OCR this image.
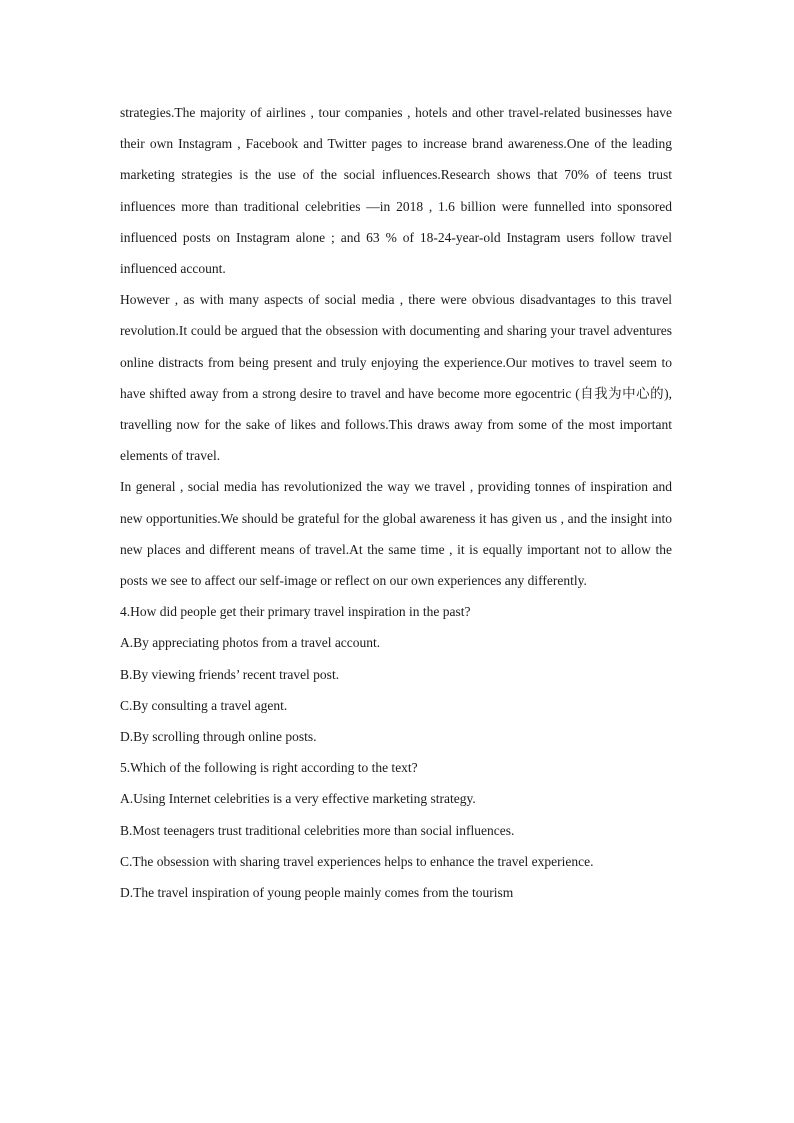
strategies.The majority of airlines , tour companies , hotels and other travel-related businesses have their own Instagram , Facebook and Twitter pages to increase brand awareness.One of the leading marketing strategies is the use of the social influences.Research shows that 70% of teens trust influences more than traditional celebrities —in 2018 , 1.6 billion were funnelled into sponsored influenced posts on Instagram alone ; and 63 % of 18-24-year-old Instagram users follow travel influenced account.

However , as with many aspects of social media , there were obvious disadvantages to this travel revolution.It could be argued that the obsession with documenting and sharing your travel adventures online distracts from being present and truly enjoying the experience.Our motives to travel seem to have shifted away from a strong desire to travel and have become more egocentric (自我为中心的), travelling now for the sake of likes and follows.This draws away from some of the most important elements of travel.

In general , social media has revolutionized the way we travel , providing tonnes of inspiration and new opportunities.We should be grateful for the global awareness it has given us , and the insight into new places and different means of travel.At the same time , it is equally important not to allow the posts we see to affect our self-image or reflect on our own experiences any differently.

4.How did people get their primary travel inspiration in the past?

A.By appreciating photos from a travel account.

B.By viewing friends’ recent travel post.

C.By consulting a travel agent.

D.By scrolling through online posts.

5.Which of the following is right according to the text?

A.Using Internet celebrities is a very effective marketing strategy.

B.Most teenagers trust traditional celebrities more than social influences.

C.The obsession with sharing travel experiences helps to enhance the travel experience.

D.The travel inspiration of young people mainly comes from the tourism
